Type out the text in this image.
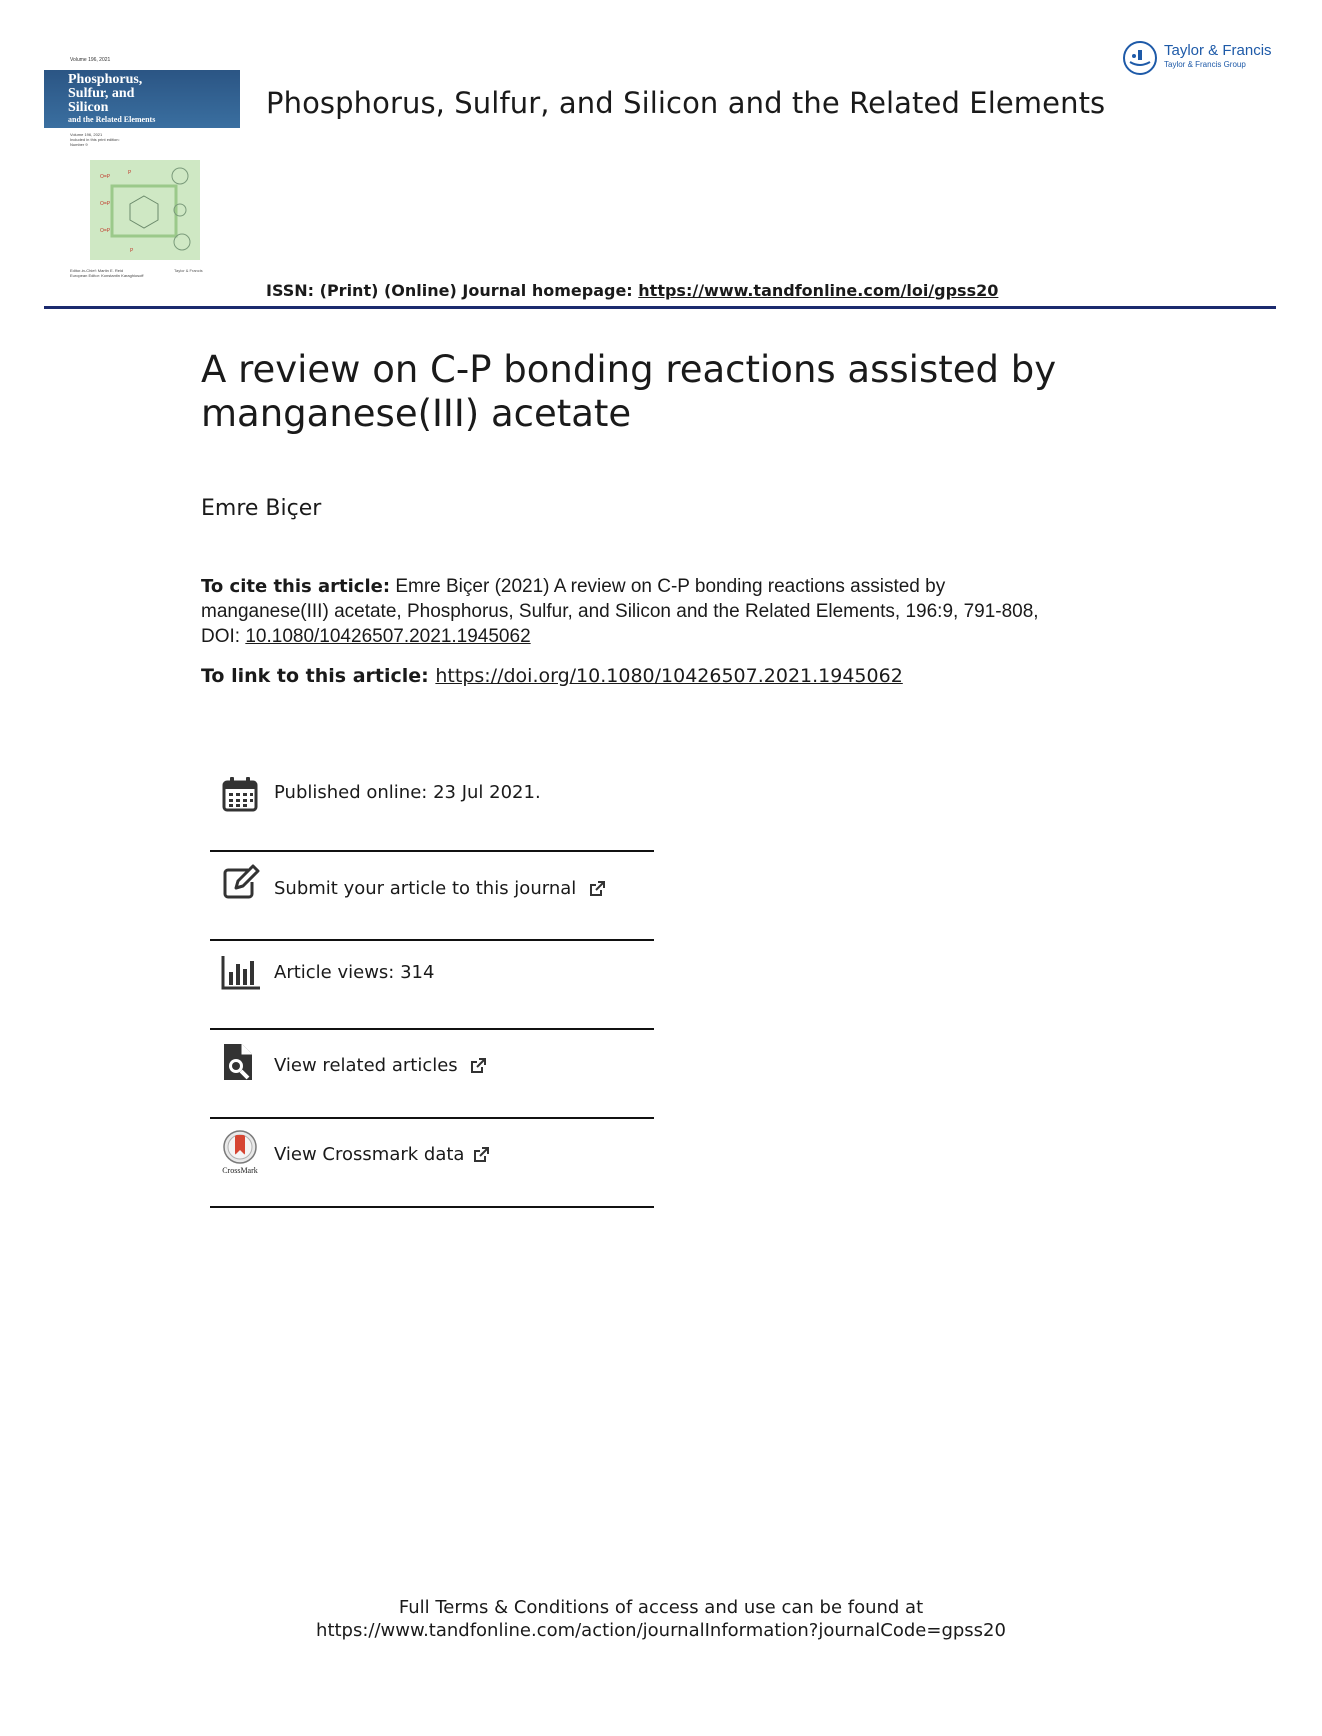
Volume 196, 2021
Phosphorus,
Sulfur, and
Silicon
and the Related Elements
Volume 196, 2021
Included in this print edition:
Number 9
O=P
O=P
O=P
P
P
Editor-in-Chief: Martin E. Reid
European Editor: Konstantin Karaghiosoff
Taylor & Francis
Phosphorus, Sulfur, and Silicon and the Related Elements
Taylor & Francis
Taylor & Francis Group
ISSN: (Print) (Online) Journal homepage: https://www.tandfonline.com/loi/gpss20
A review on C-P bonding reactions assisted by
manganese(III) acetate
Emre Biçer
To cite this article: Emre Biçer (2021) A review on C-P bonding reactions assisted by manganese(III) acetate, Phosphorus, Sulfur, and Silicon and the Related Elements, 196:9, 791-808, DOI: 10.1080/10426507.2021.1945062
To link to this article: https://doi.org/10.1080/10426507.2021.1945062
Published online: 23 Jul 2021.
Submit your article to this journal
Article views: 314
View related articles
CrossMark
View Crossmark data
Full Terms & Conditions of access and use can be found at
https://www.tandfonline.com/action/journalInformation?journalCode=gpss20
